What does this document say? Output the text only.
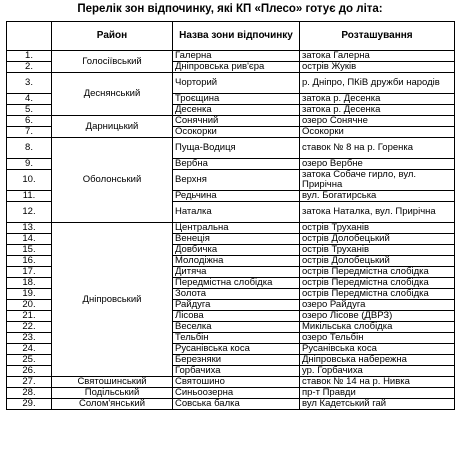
Перелік зон відпочинку, які КП «Плесо» готує до літа:
	Район	Назва зони відпочинку	Розташування
1.	Голосіївський	Галерна	затока Галерна
2.		Дніпровська рив'єра	острів Жуків
3.	Деснянський	Чорторий	р. Дніпро, ПКіВ дружби народів
4.		Троєщина	затока р. Десенка
5.		Десенка	затока р. Десенка
6.	Дарницький	Сонячний	озеро Сонячне
7.		Осокорки	Осокорки
8.	Оболонський	Пуща-Водиця	ставок № 8 на р. Горенка
9.		Вербна	озеро Вербне
10.		Верхня	затока Собаче гирло, вул. Прирічна
11.		Редьчина	вул. Богатирська
12.		Наталка	затока Наталка, вул. Прирічна
13.	Дніпровський	Центральна	острів Труханів
14.		Венеція	острів Долобецький
15.		Довбичка	острів Труханів
16.		Молодіжна	острів Долобецький
17.		Дитяча	острів Передмістна слобідка
18.		Передмістна слобідка	острів Передмістна слобідка
19.		Золота	острів Передмістна слобідка
20.		Райдуга	озеро Райдуга
21.		Лісова	озеро Лісове (ДВРЗ)
22.		Веселка	Микільська слобідка
23.		Тельбін	озеро Тельбін
24.		Русанівська коса	Русанівська коса
25.		Березняки	Дніпровська набережна
26.		Горбачиха	ур. Горбачиха
27.	Святошинський	Святошино	ставок № 14 на р. Нивка
28.	Подільський	Синьоозерна	пр-т Правди
29.	Солом'янський	Совська балка	вул Кадетський гай
